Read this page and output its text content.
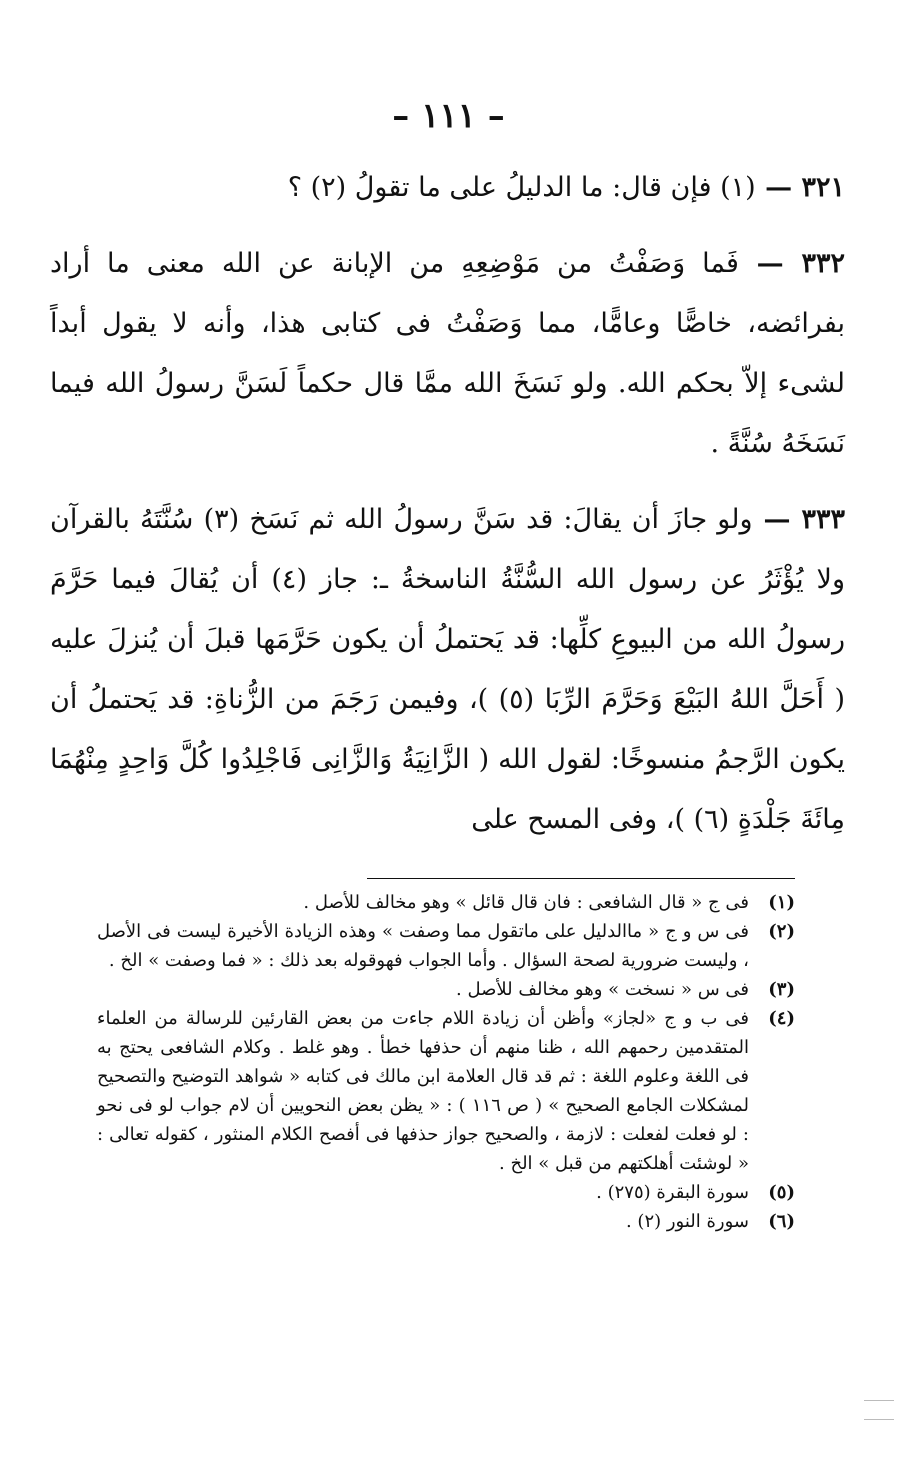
– ١١١ –

٣٢١ — (١) فإن قال: ما الدليلُ على ما تقولُ (٢) ؟

٣٣٢ — فَما وَصَفْتُ من مَوْضِعِهِ من الإبانة عن الله معنى ما أراد بفرائضه، خاصًّا وعامًّا، مما وَصَفْتُ فى كتابى هذا، وأنه لا يقول أبداً لشىء إلاّ بحكم الله. ولو نَسَخَ الله ممَّا قال حكماً لَسَنَّ رسولُ الله فيما نَسَخَهُ سُنَّةً .

٣٣٣ — ولو جازَ أن يقالَ: قد سَنَّ رسولُ الله ثم نَسَخ (٣) سُنَّتَهُ بالقرآن ولا يُؤْثَرُ عن رسول الله السُّنَّةُ الناسخةُ ـ: جاز (٤) أن يُقالَ فيما حَرَّمَ رسولُ الله من البيوعِ كلِّها: قد يَحتملُ أن يكون حَرَّمَها قبلَ أن يُنزلَ عليه ( أَحَلَّ اللهُ البَيْعَ وَحَرَّمَ الرِّبَا (٥) )، وفيمن رَجَمَ من الزُّناةِ: قد يَحتملُ أن يكون الرَّجمُ منسوخًا: لقول الله ( الزَّانِيَةُ وَالزَّانِى فَاجْلِدُوا كُلَّ وَاحِدٍ مِنْهُمَا مِائَةَ جَلْدَةٍ (٦) )، وفى المسح على

(١)
فى ج « قال الشافعى : فان قال قائل » وهو مخالف للأصل .
(٢)
فى س و ج « ماالدليل على ماتقول مما وصفت » وهذه الزيادة الأخيرة ليست فى الأصل ، وليست ضرورية لصحة السؤال . وأما الجواب فهوقوله بعد ذلك : « فما وصفت » الخ .
(٣)
فى س « نسخت » وهو مخالف للأصل .
(٤)
فى ب و ج «لجاز» وأظن أن زيادة اللام جاءت من بعض القارئين للرسالة من العلماء المتقدمين رحمهم الله ، ظنا منهم أن حذفها خطأ . وهو غلط . وكلام الشافعى يحتج به فى اللغة وعلوم اللغة : ثم قد قال العلامة ابن مالك فى كتابه « شواهد التوضيح والتصحيح لمشكلات الجامع الصحيح » ( ص ١١٦ ) : « يظن بعض النحويين أن لام جواب لو فى نحو : لو فعلت لفعلت : لازمة ، والصحيح جواز حذفها فى أفصح الكلام المنثور ، كقوله تعالى : « لوشئت أهلكتهم من قبل » الخ .
(٥)
سورة البقرة (٢٧٥) .
(٦)
سورة النور (٢) .
